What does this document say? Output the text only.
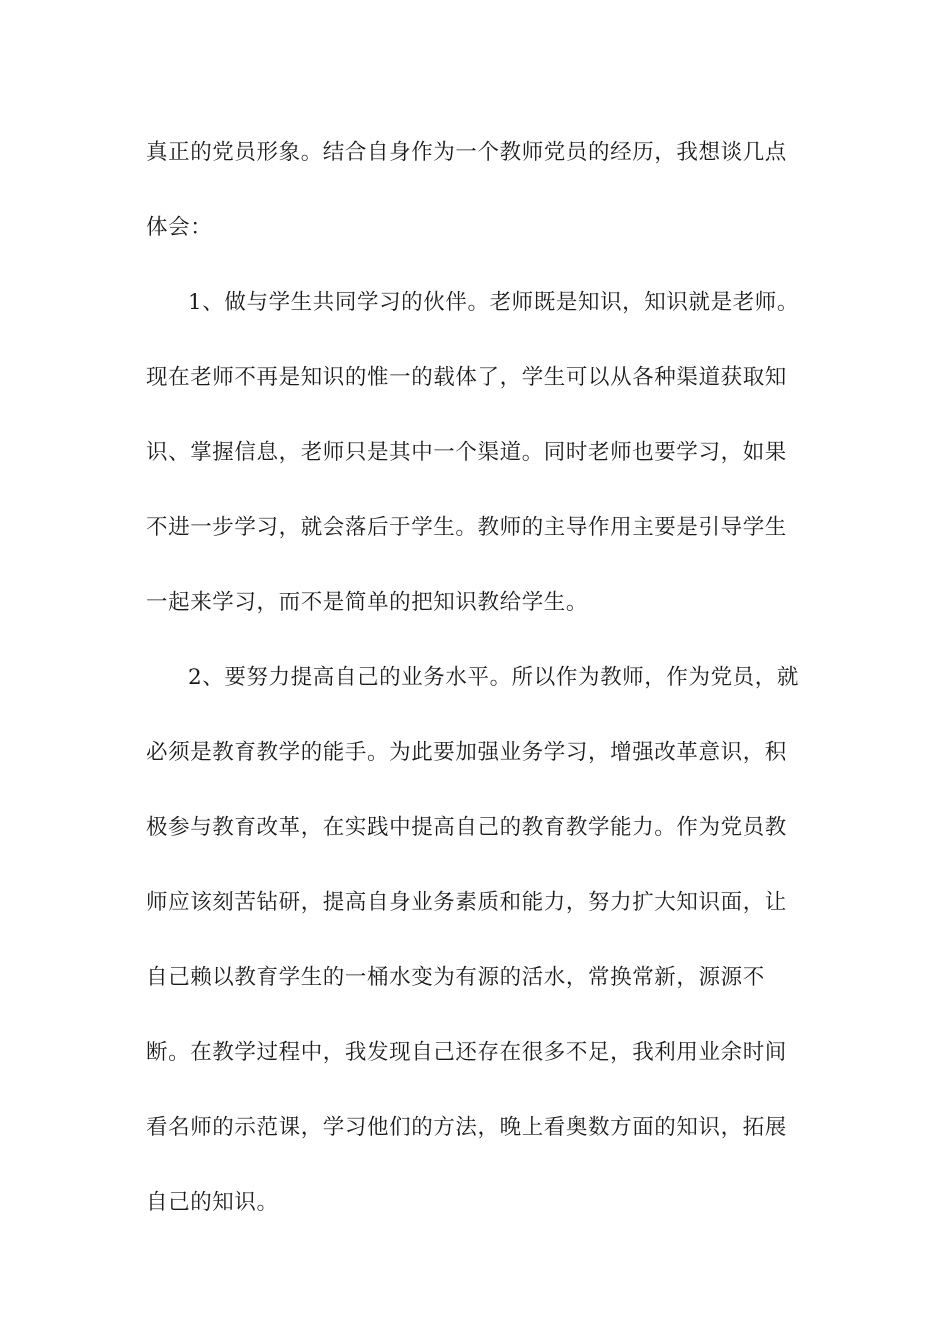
真正的党员形象。结合自身作为一个教师党员的经历，我想谈几点

体会：

1、做与学生共同学习的伙伴。老师既是知识，知识就是老师。

现在老师不再是知识的惟一的载体了，学生可以从各种渠道获取知

识、掌握信息，老师只是其中一个渠道。同时老师也要学习，如果

不进一步学习，就会落后于学生。教师的主导作用主要是引导学生

一起来学习，而不是简单的把知识教给学生。

2、要努力提高自己的业务水平。所以作为教师，作为党员，就

必须是教育教学的能手。为此要加强业务学习，增强改革意识，积

极参与教育改革，在实践中提高自己的教育教学能力。作为党员教

师应该刻苦钻研，提高自身业务素质和能力，努力扩大知识面，让

自己赖以教育学生的一桶水变为有源的活水，常换常新，源源不

断。在教学过程中，我发现自己还存在很多不足，我利用业余时间

看名师的示范课，学习他们的方法，晚上看奥数方面的知识，拓展

自己的知识。
